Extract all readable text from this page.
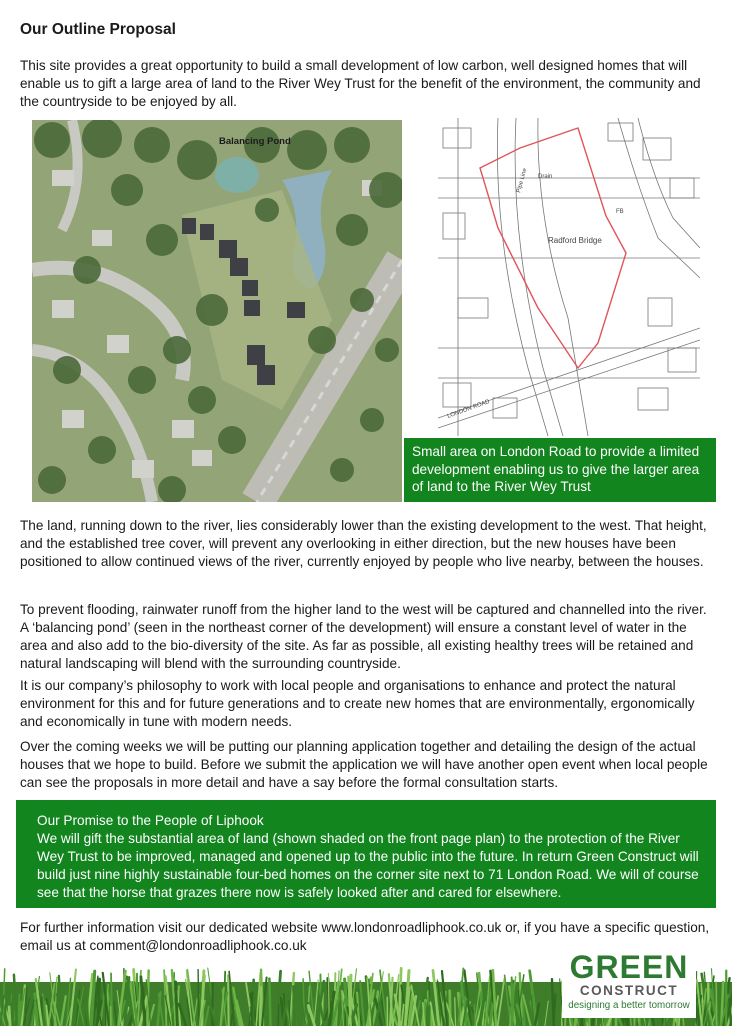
Our Outline Proposal

This site provides a great opportunity to build a small development of low carbon, well designed homes that will enable us to gift a large area of land to the River Wey Trust for the benefit of the environment, the community and the countryside to be enjoyed by all.

Balancing Pond
Radford Bridge
Drain
FB
Pipe Line
LONDON ROAD
Small area on London Road to provide a limited development enabling us to give the larger area of land to the River Wey Trust

The land, running down to the river, lies considerably lower than the existing development to the west. That height, and the established tree cover, will prevent any overlooking in either direction, but the new houses have been positioned to allow continued views of the river, currently enjoyed by people who live nearby, between the houses.

To prevent flooding, rainwater runoff from the higher land to the west will be captured and channelled into the river. A ‘balancing pond’ (seen in the northeast corner of the development) will ensure a constant level of water in the area and also add to the bio-diversity of the site. As far as possible, all existing healthy trees will be retained and natural landscaping will blend with the surrounding countryside.

It is our company’s philosophy to work with local people and organisations to enhance and protect the natural environment for this and for future generations and to create new homes that are environmentally, ergonomically and economically in tune with modern needs.

Over the coming weeks we will be putting our planning application together and detailing the design of the actual houses that we hope to build. Before we submit the application we will have another open event when local people can see the proposals in more detail and have a say before the formal consultation starts.

Our Promise to the People of Liphook
We will gift the substantial area of land (shown shaded on the front page plan) to the protection of the River Wey Trust to be improved, managed and opened up to the public into the future. In return Green Construct will build just nine highly sustainable four-bed homes on the corner site next to 71 London Road. We will of course see that the horse that grazes there now is safely looked after and cared for elsewhere.

For further information visit our dedicated website www.londonroadliphook.co.uk or, if you have a specific question, email us at comment@londonroadliphook.co.uk

GREEN
CONSTRUCT
designing a better tomorrow
